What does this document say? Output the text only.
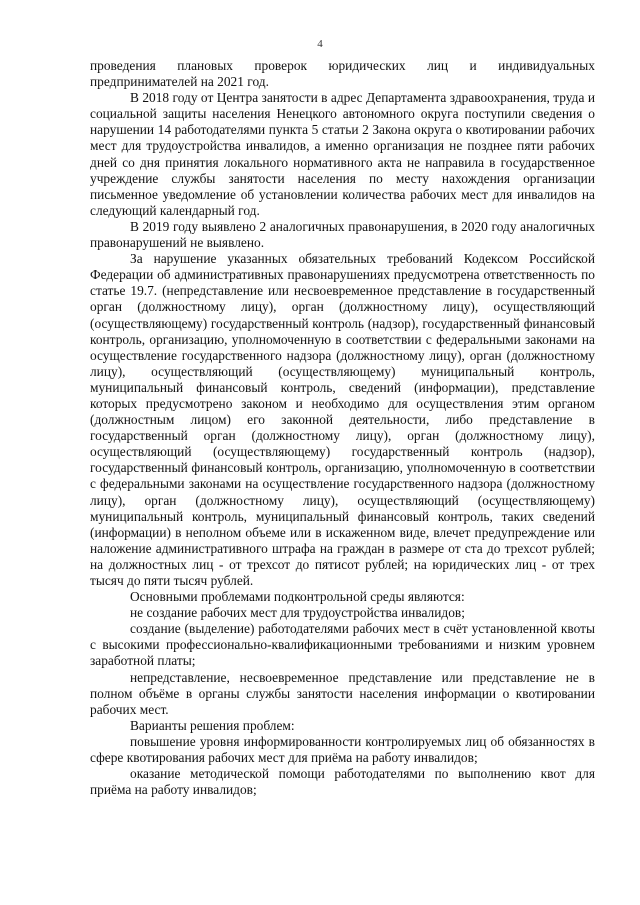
4

проведения плановых проверок юридических лиц и индивидуальных предпринимателей на 2021 год.

В 2018 году от Центра занятости в адрес Департамента здравоохранения, труда и социальной защиты населения Ненецкого автономного округа поступили сведения о нарушении 14 работодателями пункта 5 статьи 2 Закона округа о квотировании рабочих мест для трудоустройства инвалидов, а именно организация не позднее пяти рабочих дней со дня принятия локального нормативного акта не направила в государственное учреждение службы занятости населения по месту нахождения организации письменное уведомление об установлении количества рабочих мест для инвалидов на следующий календарный год.

В 2019 году выявлено 2 аналогичных правонарушения, в 2020 году аналогичных правонарушений не выявлено.

За нарушение указанных обязательных требований Кодексом Российской Федерации об административных правонарушениях предусмотрена ответственность по статье 19.7. (непредставление или несвоевременное представление в государственный орган (должностному лицу), орган (должностному лицу), осуществляющий (осуществляющему) государственный контроль (надзор), государственный финансовый контроль, организацию, уполномоченную в соответствии с федеральными законами на осуществление государственного надзора (должностному лицу), орган (должностному лицу), осуществляющий (осуществляющему) муниципальный контроль, муниципальный финансовый контроль, сведений (информации), представление которых предусмотрено законом и необходимо для осуществления этим органом (должностным лицом) его законной деятельности, либо представление в государственный орган (должностному лицу), орган (должностному лицу), осуществляющий (осуществляющему) государственный контроль (надзор), государственный финансовый контроль, организацию, уполномоченную в соответствии с федеральными законами на осуществление государственного надзора (должностному лицу), орган (должностному лицу), осуществляющий (осуществляющему) муниципальный контроль, муниципальный финансовый контроль, таких сведений (информации) в неполном объеме или в искаженном виде, влечет предупреждение или наложение административного штрафа на граждан в размере от ста до трехсот рублей; на должностных лиц - от трехсот до пятисот рублей; на юридических лиц - от трех тысяч до пяти тысяч рублей.

Основными проблемами подконтрольной среды являются:

не создание рабочих мест для трудоустройства инвалидов;

создание (выделение) работодателями рабочих мест в счёт установленной квоты с высокими профессионально-квалификационными требованиями и низким уровнем заработной платы;

непредставление, несвоевременное представление или представление не в полном объёме в органы службы занятости населения информации о квотировании рабочих мест.

Варианты решения проблем:

повышение уровня информированности контролируемых лиц об обязанностях в сфере квотирования рабочих мест для приёма на работу инвалидов;

оказание методической помощи работодателями по выполнению квот для приёма на работу инвалидов;
